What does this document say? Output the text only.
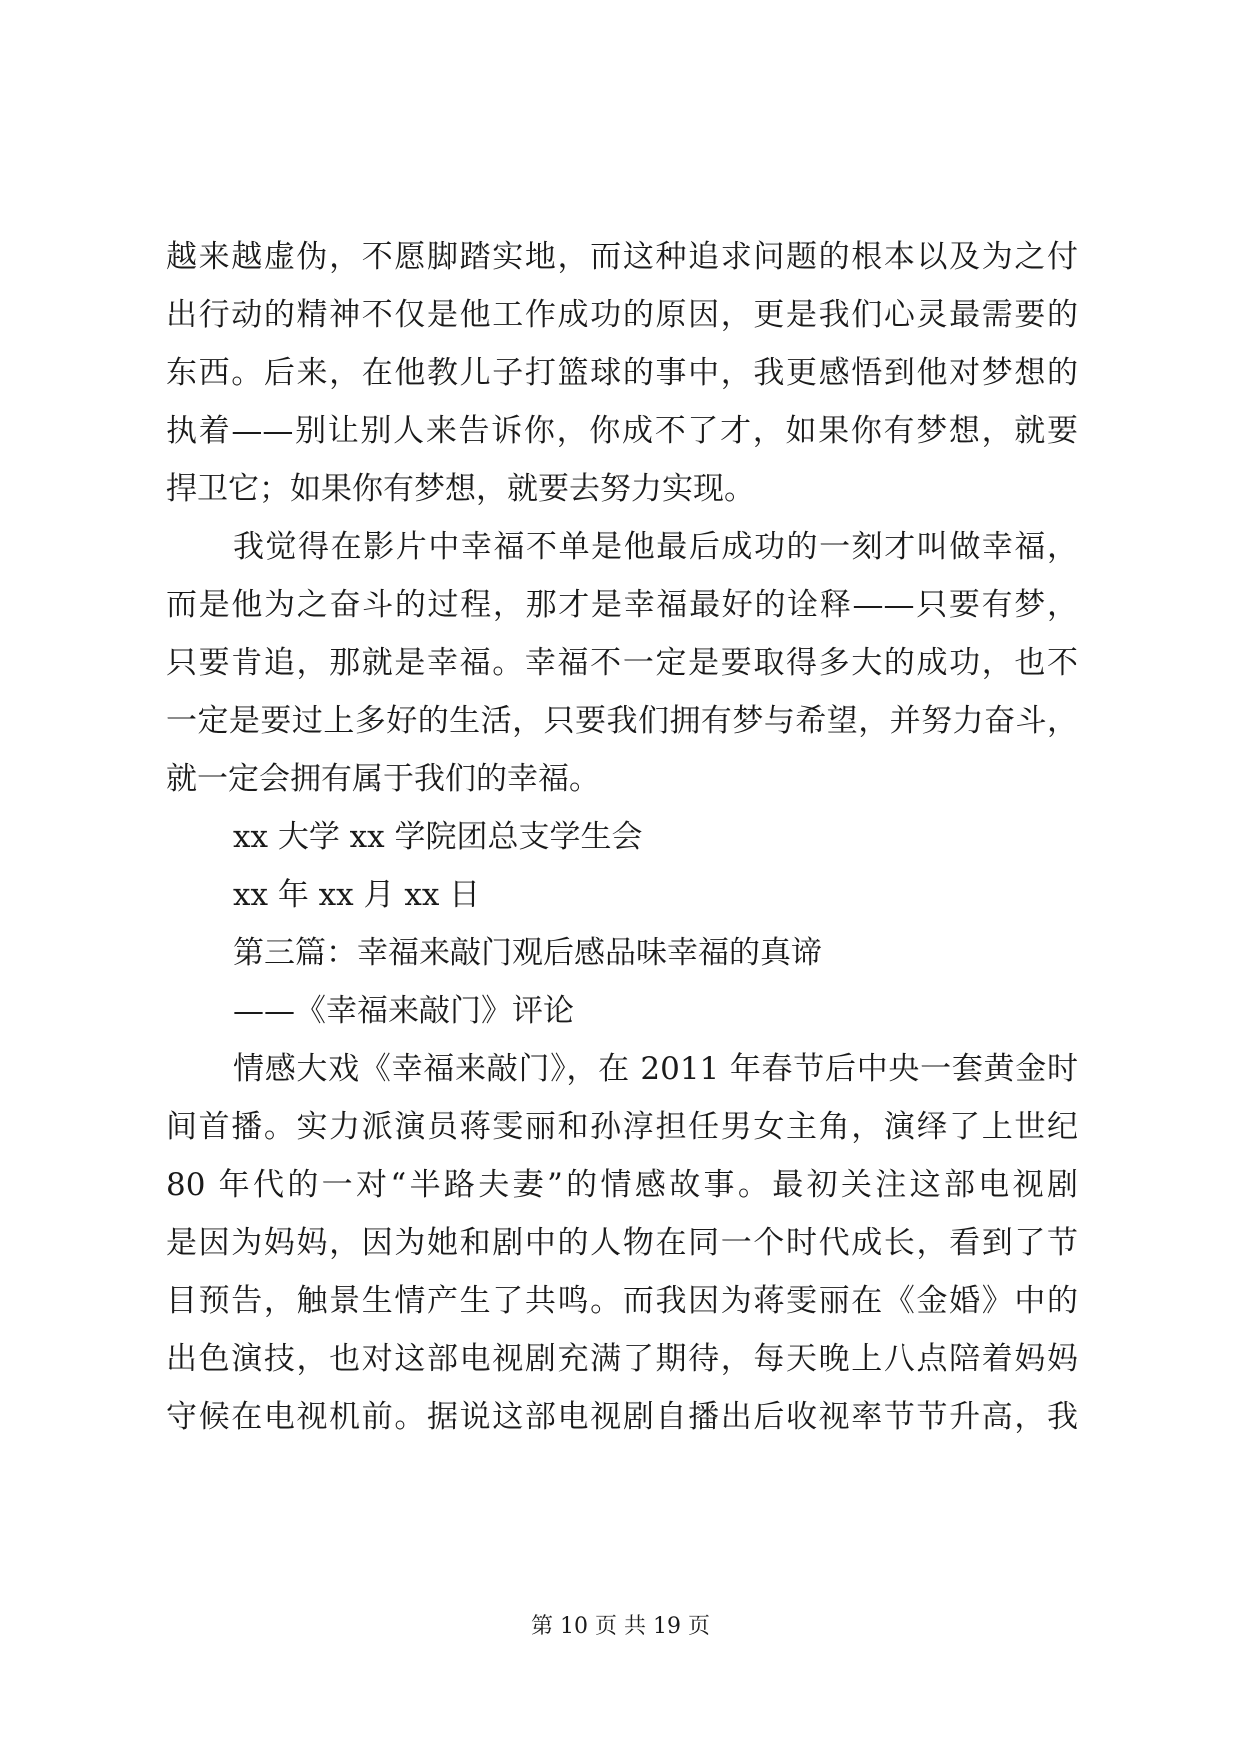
越来越虚伪，不愿脚踏实地，而这种追求问题的根本以及为之付
出行动的精神不仅是他工作成功的原因，更是我们心灵最需要的
东西。后来，在他教儿子打篮球的事中，我更感悟到他对梦想的
执着——别让别人来告诉你，你成不了才，如果你有梦想，就要
捍卫它；如果你有梦想，就要去努力实现。
我觉得在影片中幸福不单是他最后成功的一刻才叫做幸福，
而是他为之奋斗的过程，那才是幸福最好的诠释——只要有梦，
只要肯追，那就是幸福。幸福不一定是要取得多大的成功，也不
一定是要过上多好的生活，只要我们拥有梦与希望，并努力奋斗，
就一定会拥有属于我们的幸福。
xx 大学 xx 学院团总支学生会
xx 年 xx 月 xx 日
第三篇：幸福来敲门观后感品味幸福的真谛
——《幸福来敲门》评论
情感大戏《幸福来敲门》，在 2011 年春节后中央一套黄金时
间首播。实力派演员蒋雯丽和孙淳担任男女主角，演绎了上世纪
80 年代的一对“半路夫妻”的情感故事。最初关注这部电视剧
是因为妈妈，因为她和剧中的人物在同一个时代成长，看到了节
目预告，触景生情产生了共鸣。而我因为蒋雯丽在《金婚》中的
出色演技，也对这部电视剧充满了期待，每天晚上八点陪着妈妈
守候在电视机前。据说这部电视剧自播出后收视率节节升高，我
第 10 页 共 19 页
